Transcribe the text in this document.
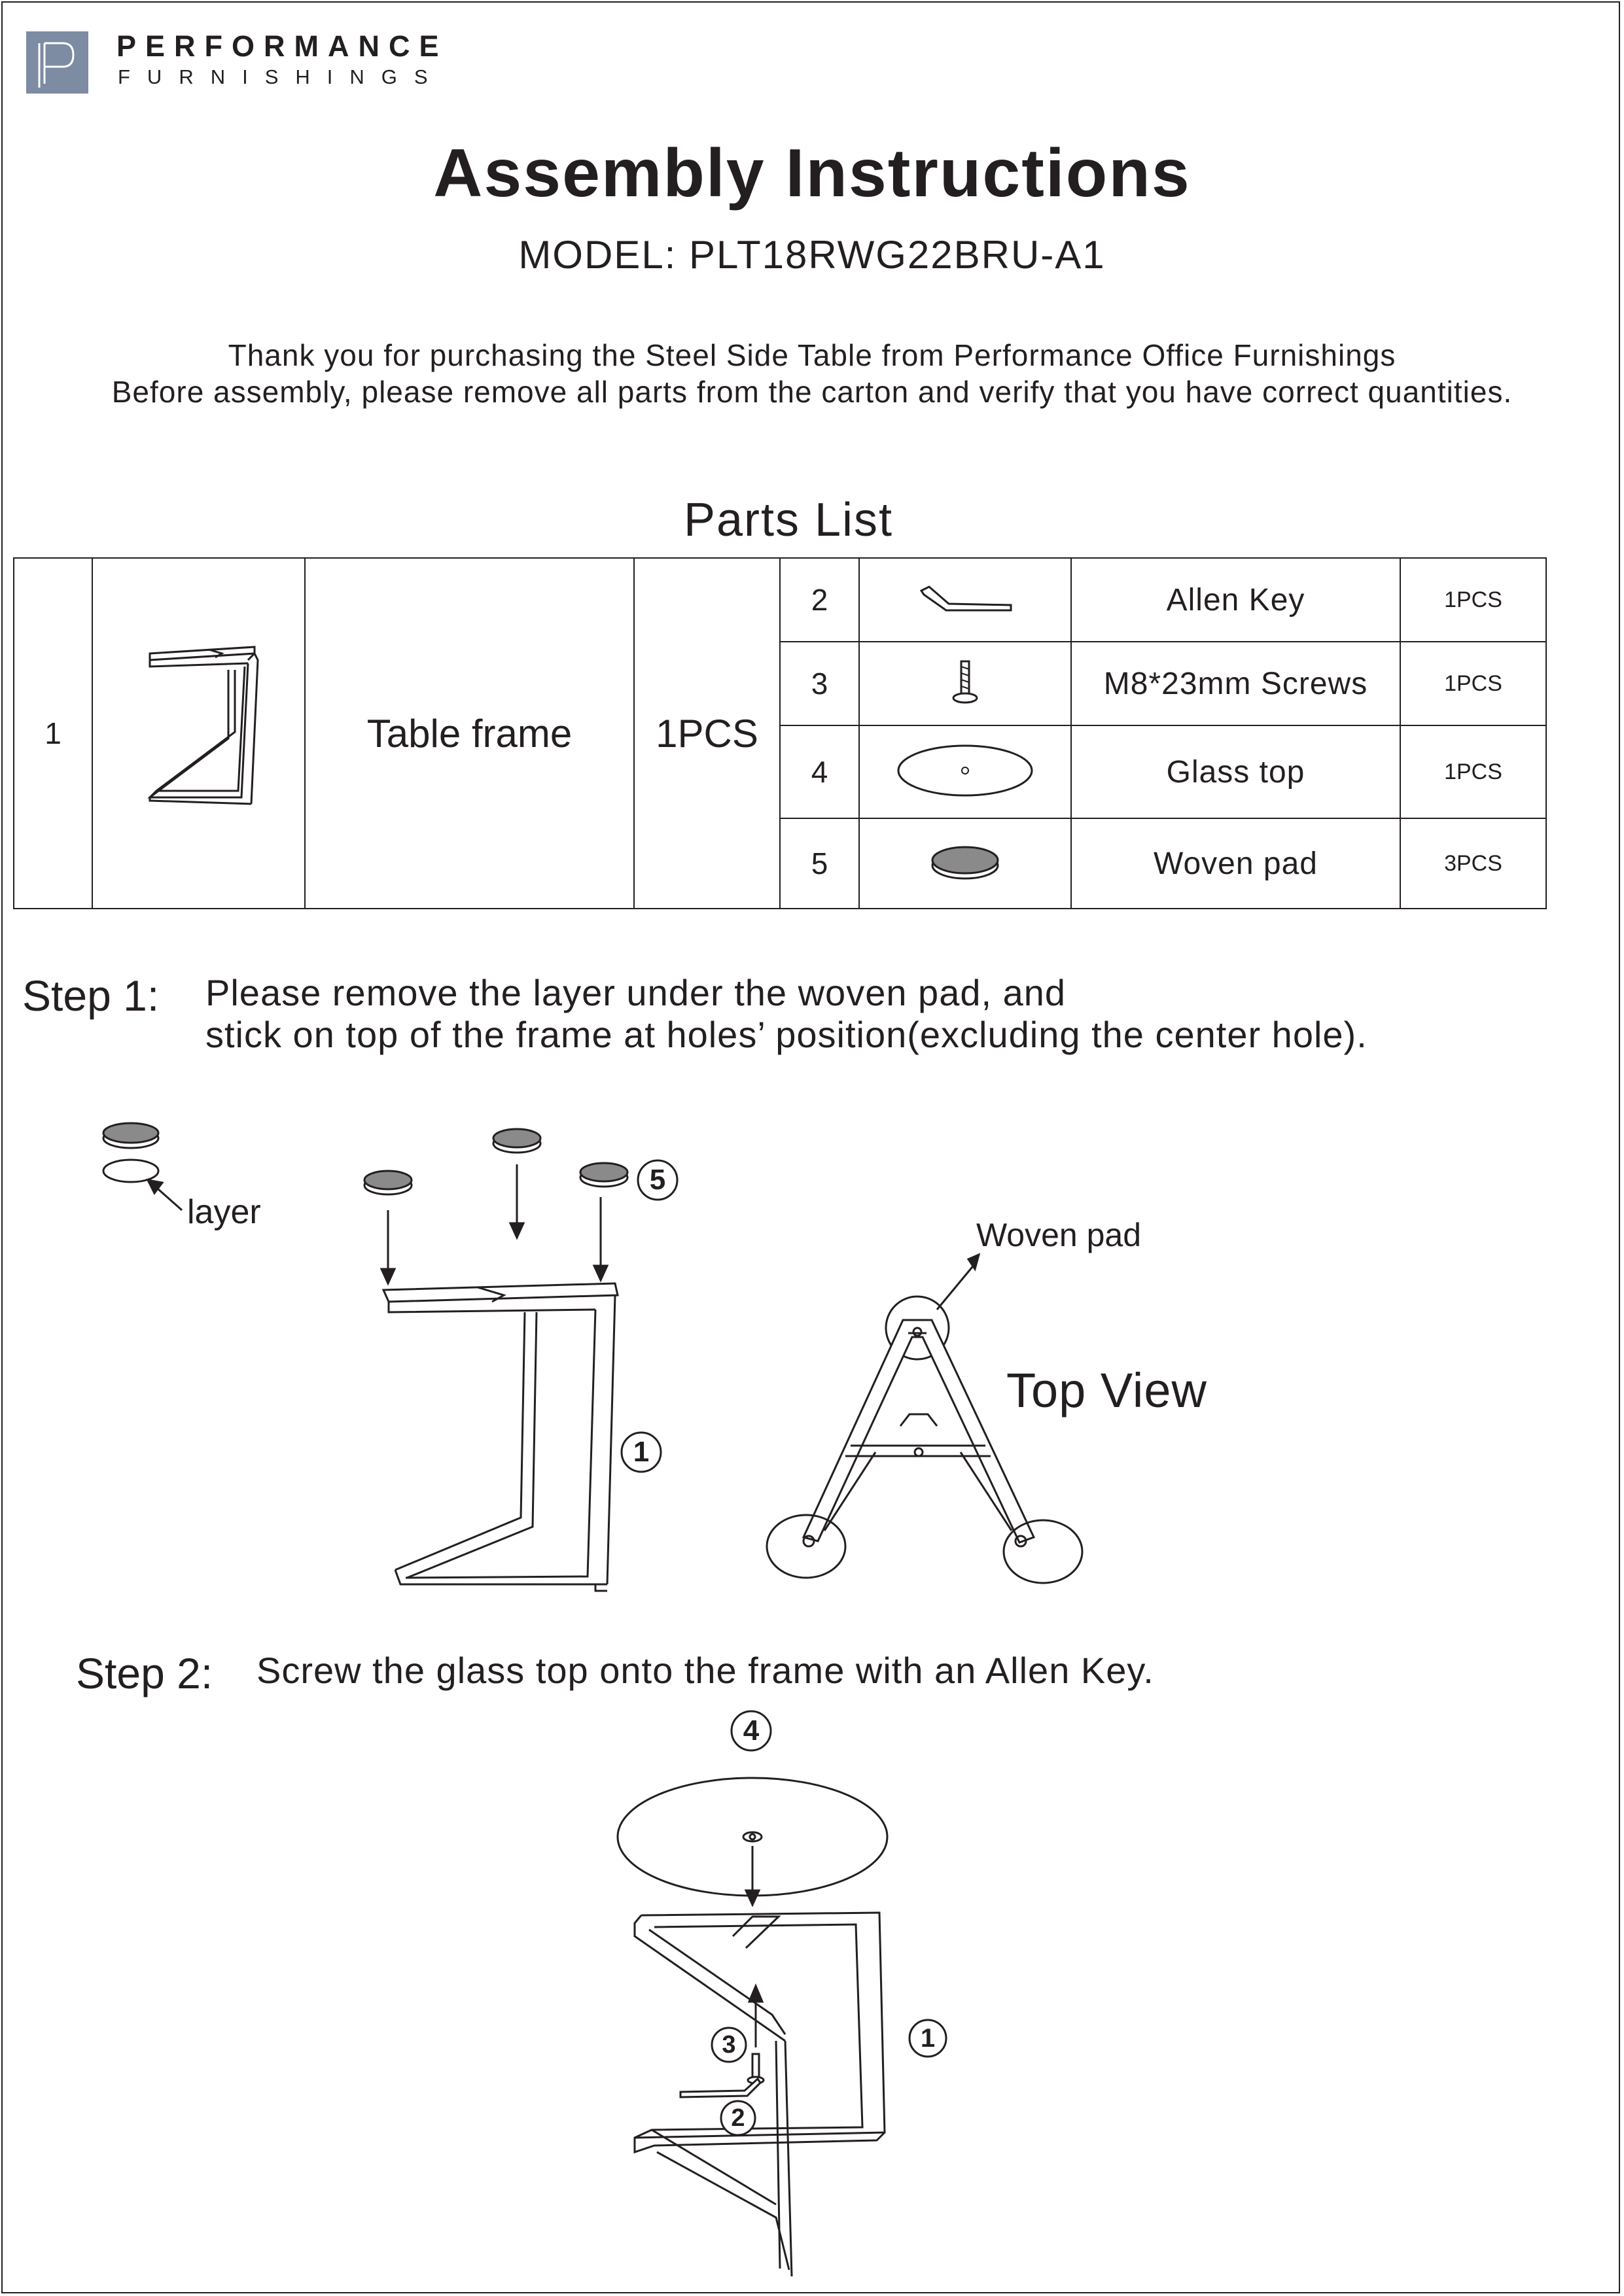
PERFORMANCE
FURNISHINGS
Assembly Instructions
MODEL: PLT18RWG22BRU-A1
Thank you for purchasing the Steel Side Table from Performance Office Furnishings
Before assembly, please remove all parts from the carton and verify that you have correct quantities.
Parts List
1		Table frame	1PCS	2		Allen Key	1PCS
				3		M8*23mm Screws	1PCS
				4		Glass top	1PCS
				5		Woven pad	3PCS
Step 1: Please remove the layer under the woven pad, and
stick on top of the frame at holes’ position(excluding the center hole).
layer
Woven pad
Top View
5
1
Step 2: Screw the glass top onto the frame with an Allen Key.
4
1
3
2
